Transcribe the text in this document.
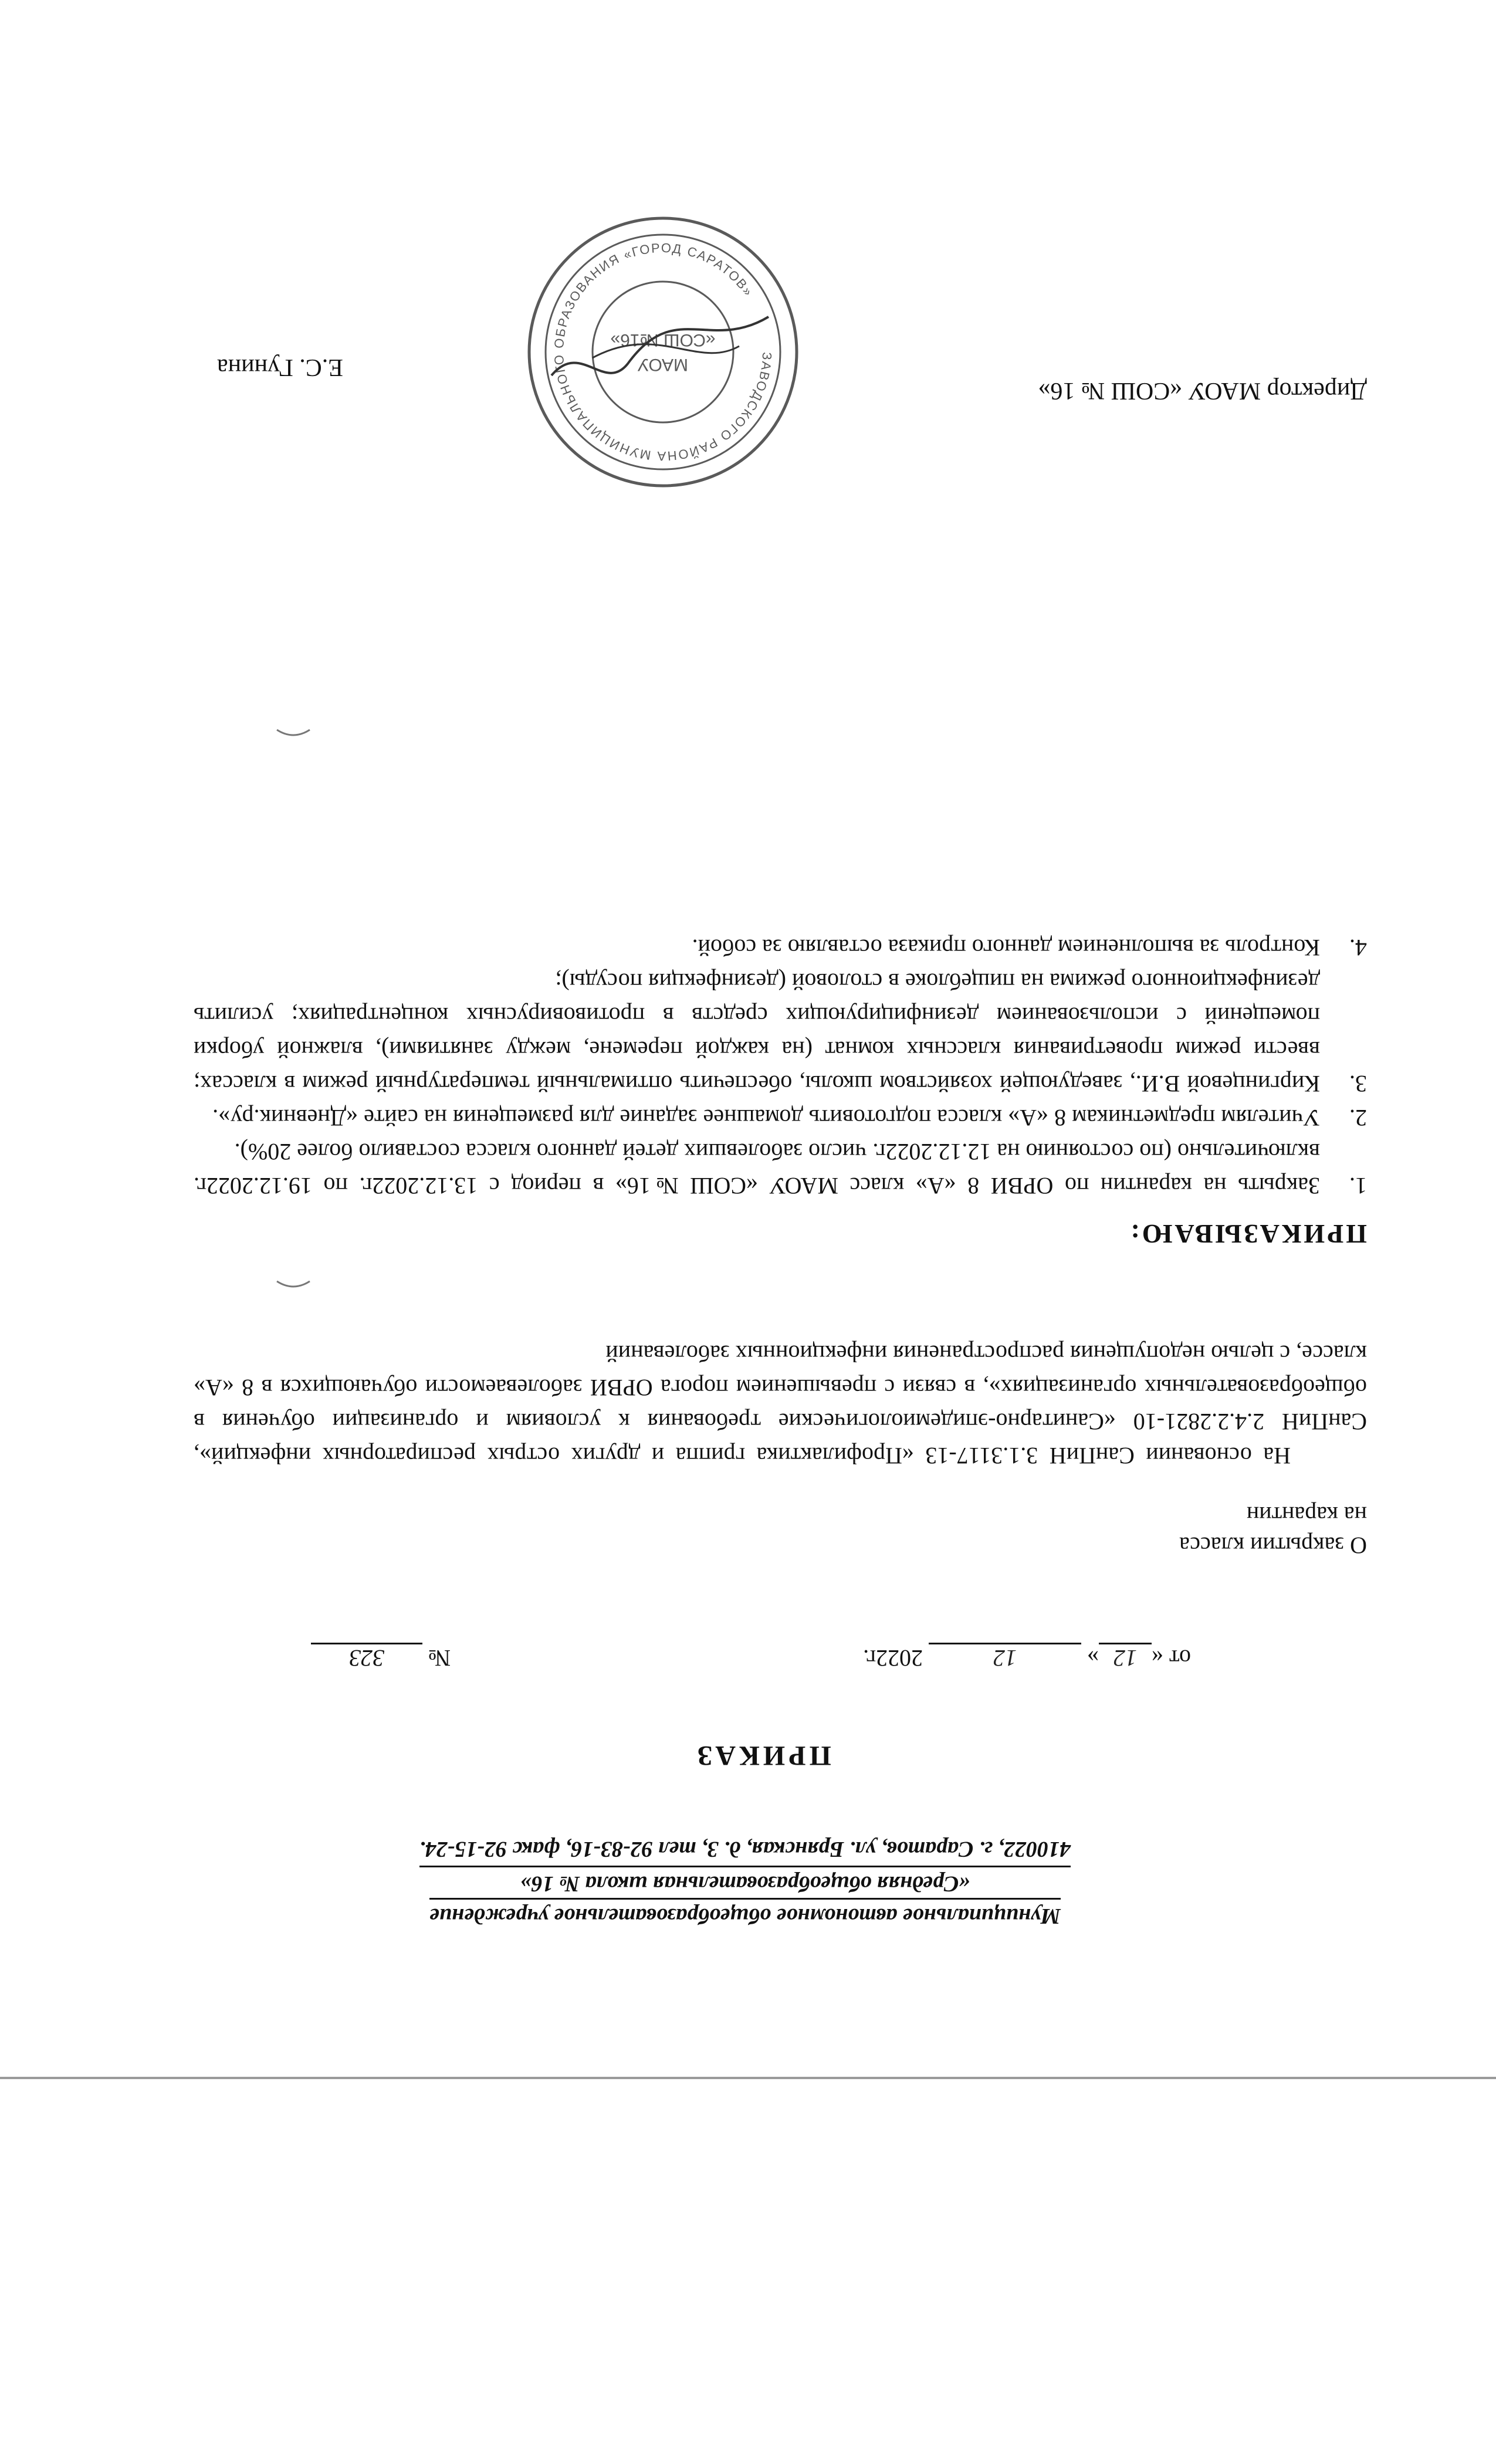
Муниципальное автономное общеобразовательное учреждение
«Средняя общеобразовательная школа № 16»
410022, г. Саратов, ул. Брянская, д. 3, тел 92-83-16, факс 92-15-24.
ПРИКАЗ
от «12» 12 2022г.
№ 323
О закрытии класса
на карантин
На основании СанПиН 3.1.3117-13 «Профилактика гриппа и других острых респираторных инфекций», СанПиН 2.4.2.2821-10 «Санитарно-эпидемиологические требования к условиям и организации обучения в общеобразовательных организациях», в связи с превышением порога ОРВИ заболеваемости обучающихся в 8 «А» классе, с целью недопущения распространения инфекционных заболеваний
ПРИКАЗЫВАЮ:
1.
Закрыть на карантин по ОРВИ 8 «А» класс МАОУ «СОШ №16» в период с 13.12.2022г. по 19.12.2022г. включительно (по состоянию на 12.12.2022г. число заболевших детей данного класса составило более 20%).
2.
Учителям предметникам 8 «А» класса подготовить домашнее задание для размещения на сайте «Дневник.ру».
3.
Киргинцевой В.И., заведующей хозяйством школы, обеспечить оптимальный температурный режим в классах; ввести режим проветривания классных комнат (на каждой перемене, между занятиями), влажной уборки помещений с использованием дезинфицирующих средств в противовирусных концентрациях; усилить дезинфекционного режима на пищеблоке в столовой (дезинфекция посуды);
4.
Контроль за выполнением данного приказа оставляю за собой.
Директор МАОУ «СОШ № 16»
Е.С. Гунина	ЗАВОДСКОГО РАЙОНА МУНИЦИПАЛЬНОГО ОБРАЗОВАНИЯ «ГОРОД САРАТОВ»
МАОУ
«СОШ №16»
